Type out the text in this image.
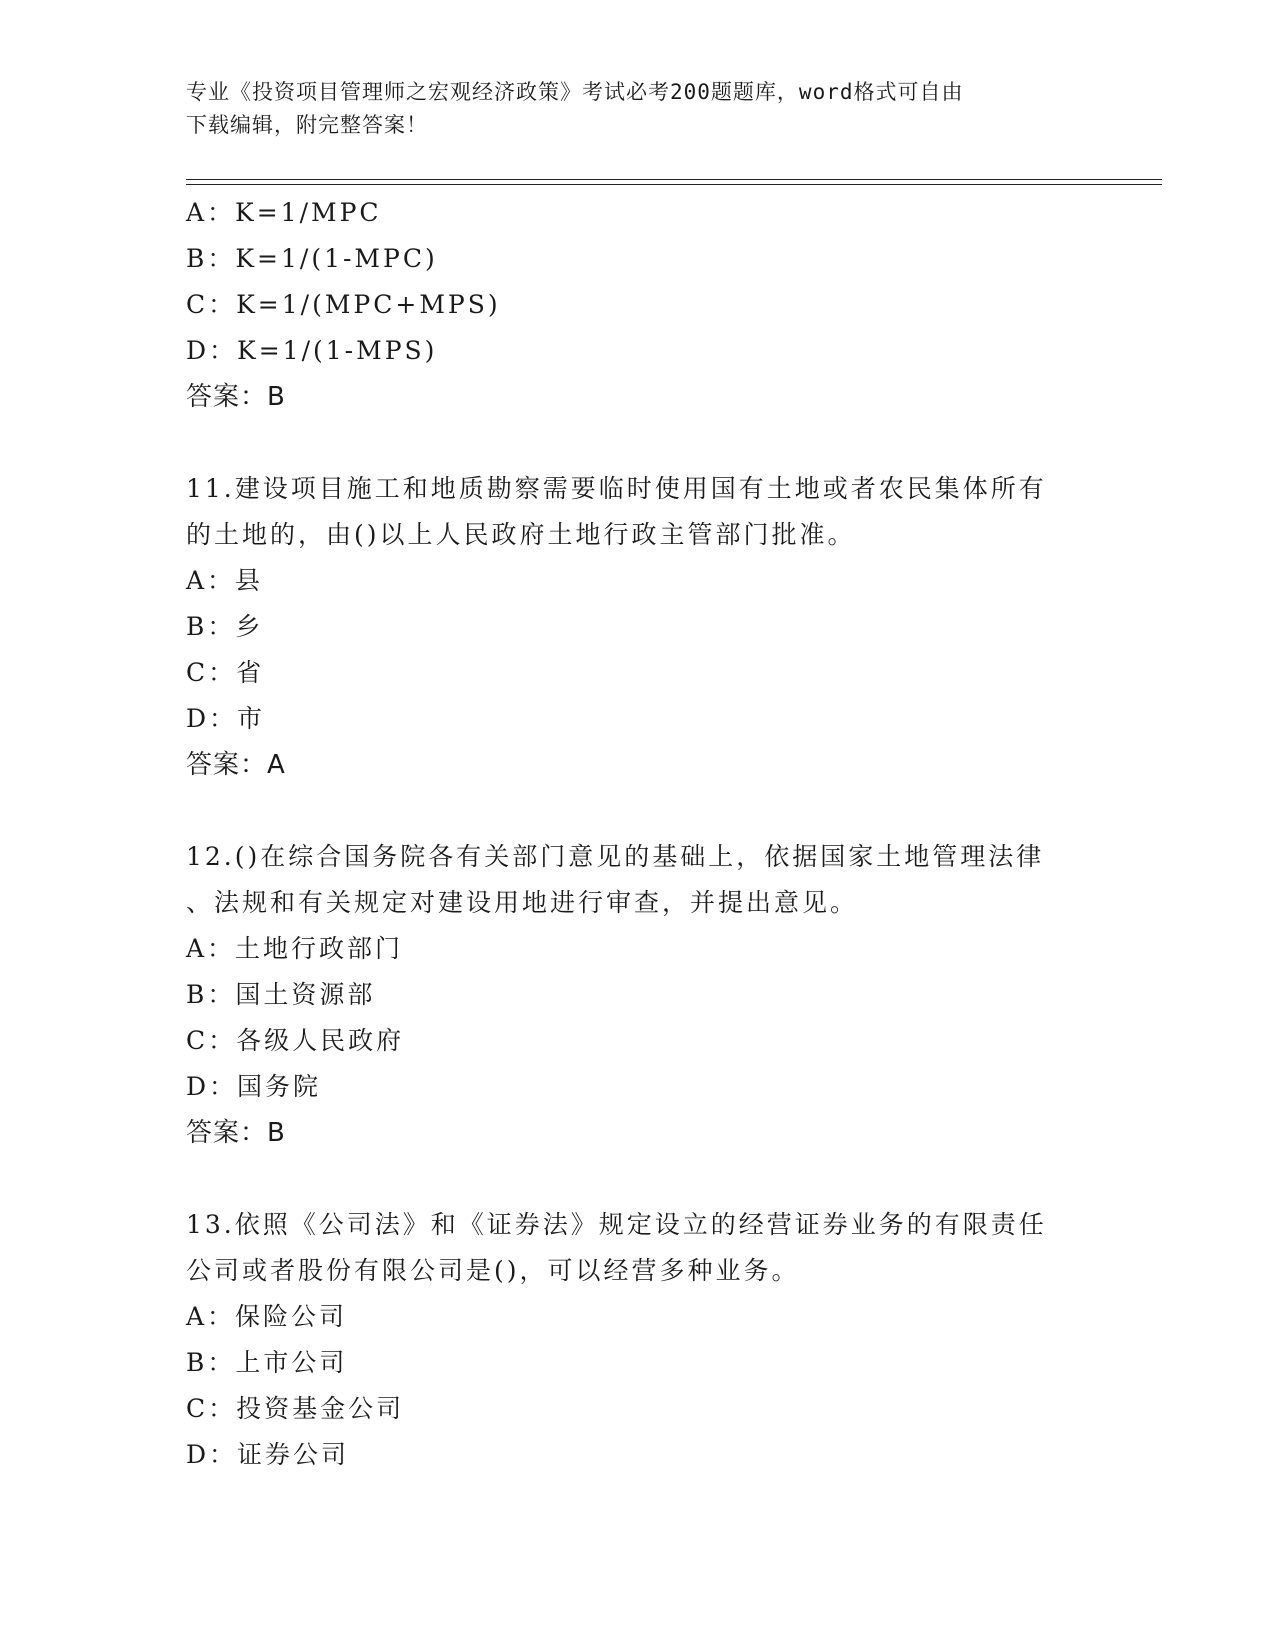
专业《投资项目管理师之宏观经济政策》考试必考200题题库，word格式可自由
下载编辑，附完整答案！
A：K=1/MPC
B：K=1/(1-MPC)
C：K=1/(MPC+MPS)
D：K=1/(1-MPS)
答案：B
11.建设项目施工和地质勘察需要临时使用国有土地或者农民集体所有
的土地的，由()以上人民政府土地行政主管部门批准。
A：县
B：乡
C：省
D：市
答案：A
12.()在综合国务院各有关部门意见的基础上，依据国家土地管理法律
、法规和有关规定对建设用地进行审查，并提出意见。
A：土地行政部门
B：国土资源部
C：各级人民政府
D：国务院
答案：B
13.依照《公司法》和《证券法》规定设立的经营证券业务的有限责任
公司或者股份有限公司是()，可以经营多种业务。
A：保险公司
B：上市公司
C：投资基金公司
D：证券公司
